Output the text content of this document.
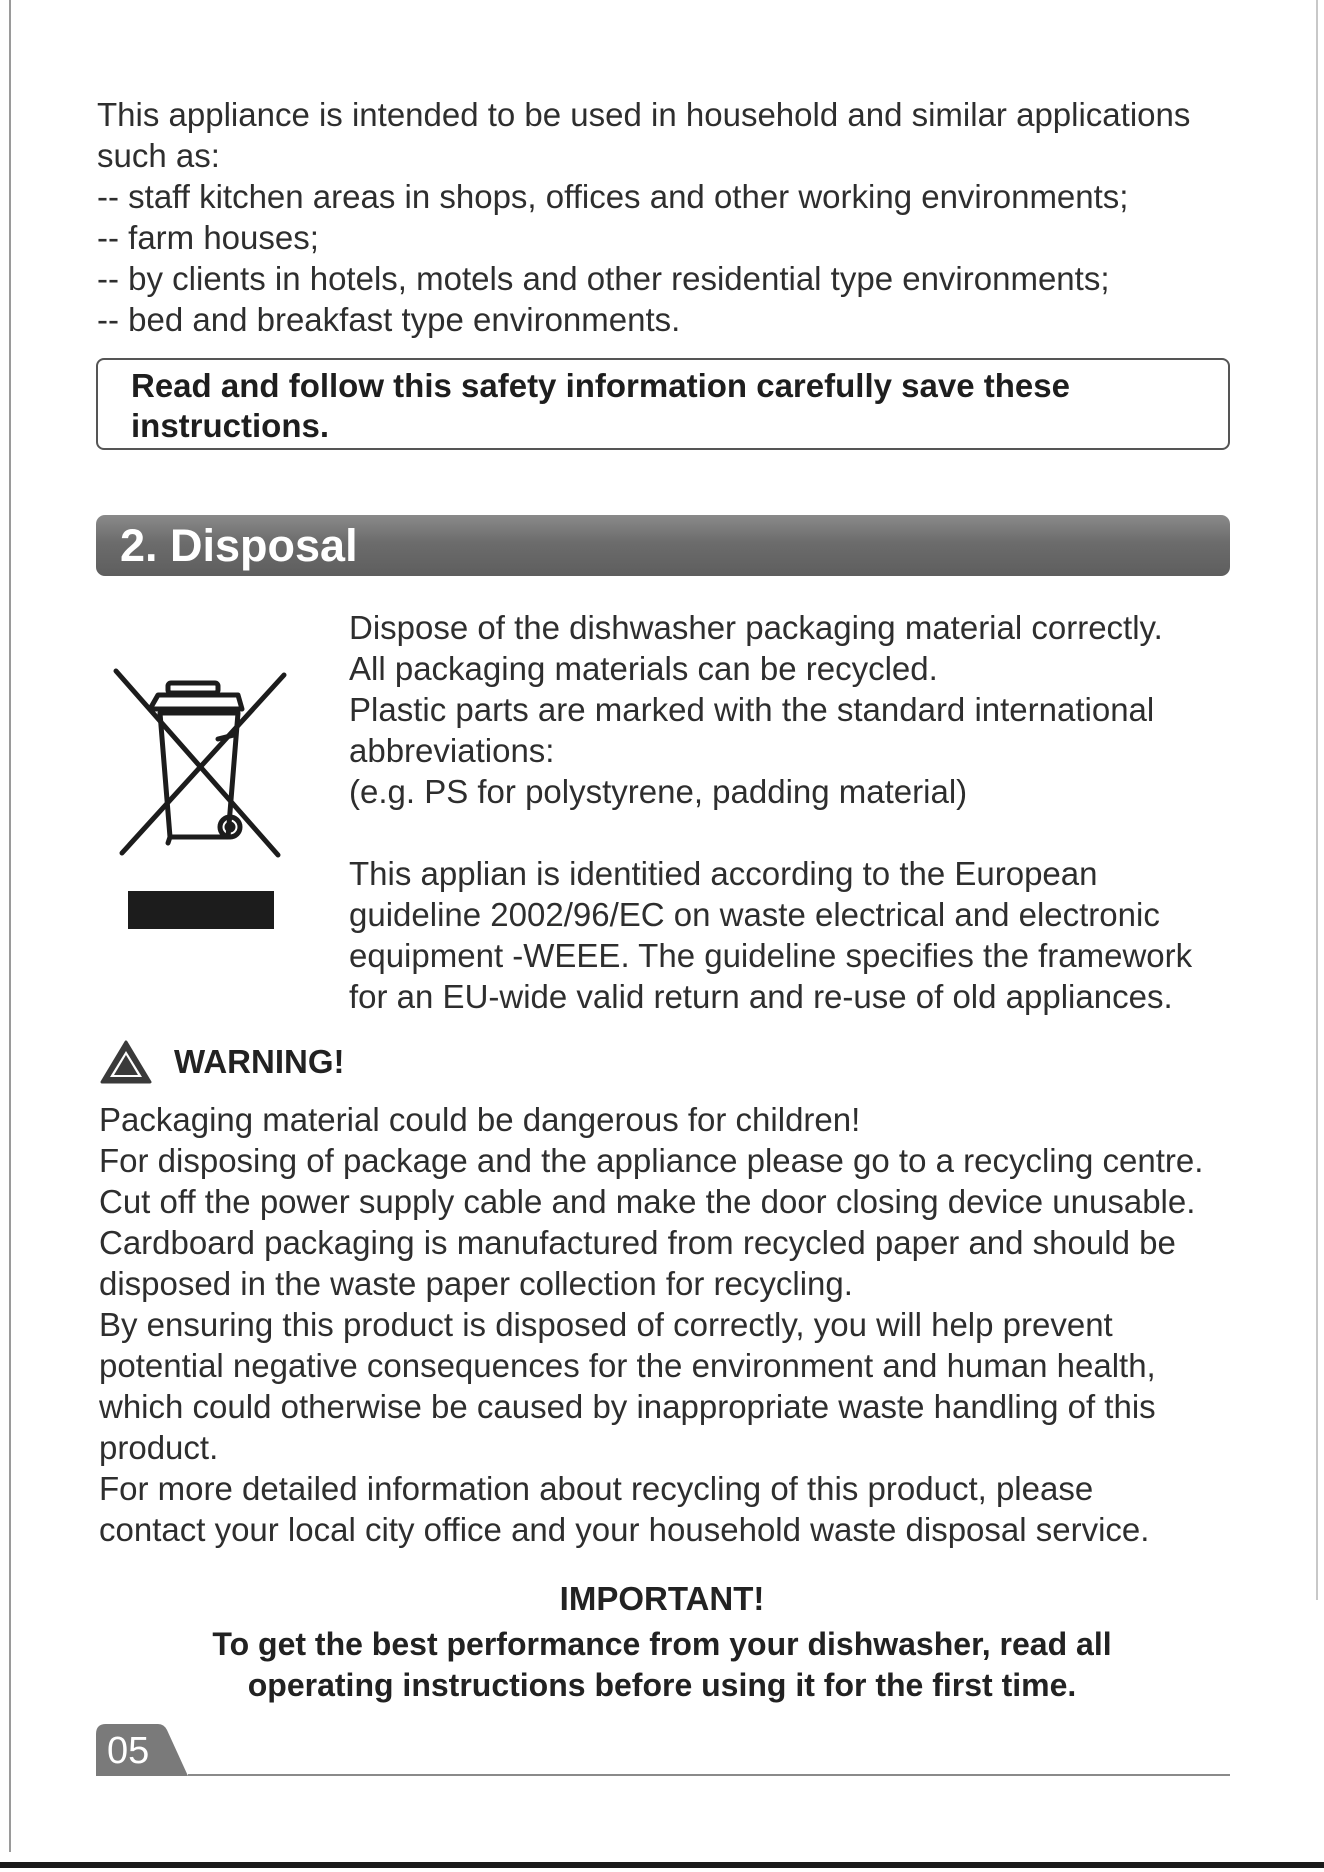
This appliance is intended to be used in household and similar applications
such as:
-- staff kitchen areas in shops, offices and other working environments;
-- farm houses;
-- by clients in hotels, motels and other residential type environments;
-- bed and breakfast type environments.
Read and follow this safety information carefully save these
instructions.
2. Disposal
Dispose of the dishwasher packaging material correctly.
All packaging materials can be recycled.
Plastic parts are marked with the standard international
abbreviations:
(e.g. PS for polystyrene, padding material)
This applian is identitied according to the European
guideline 2002/96/EC on waste electrical and electronic
equipment -WEEE. The guideline specifies the framework
for an EU-wide valid return and re-use of old appliances.
WARNING!
Packaging material could be dangerous for children!
For disposing of package and the appliance please go to a recycling centre.
Cut off the power supply cable and make the door closing device unusable.
Cardboard packaging is manufactured from recycled paper and should be
disposed in the waste paper collection for recycling.
By ensuring this product is disposed of correctly, you will help prevent
potential negative consequences for the environment and human health,
which could otherwise be caused by inappropriate waste handling of this
product.
For more detailed information about recycling of this product, please
contact your local city office and your household waste disposal service.
IMPORTANT!
To get the best performance from your dishwasher, read all
operating instructions before using it for the first time.
05
